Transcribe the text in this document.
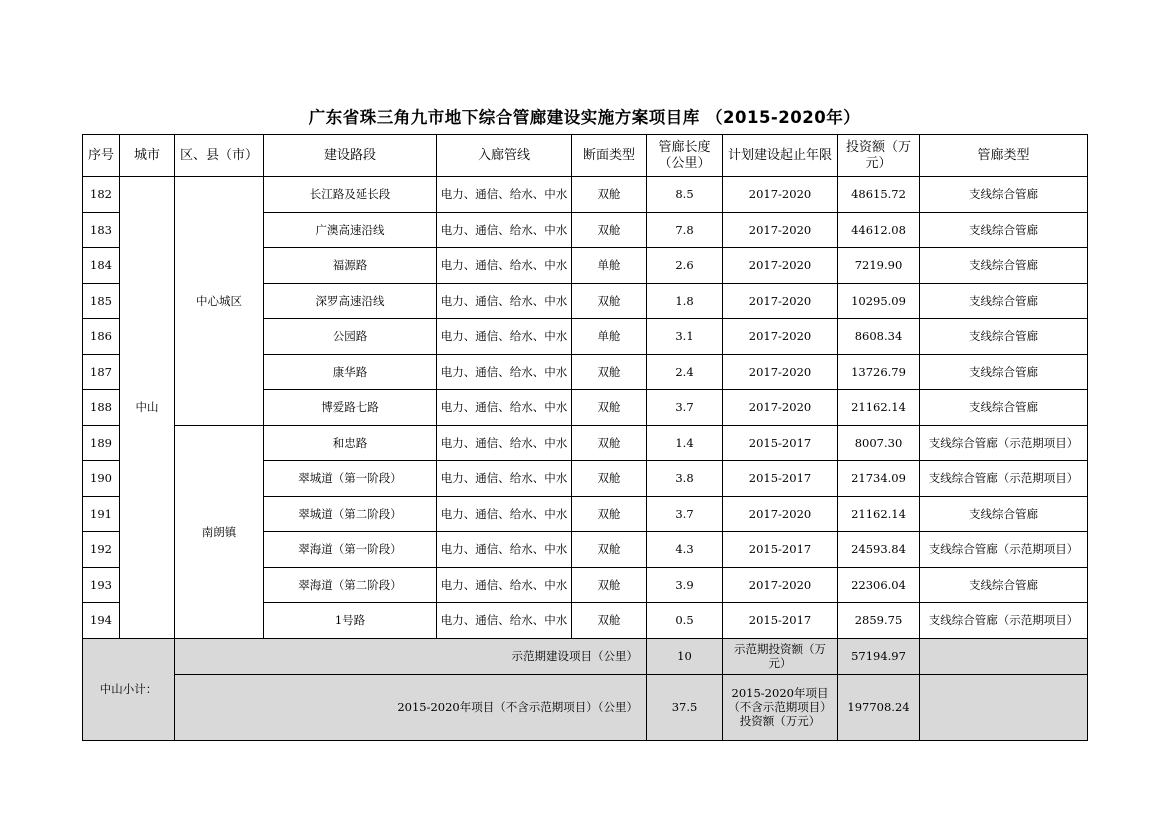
广东省珠三角九市地下综合管廊建设实施方案项目库 （2015-2020年）
序号	城市	区、县（市）	建设路段	入廊管线	断面类型	管廊长度（公里）	计划建设起止年限	投资额（万元）	管廊类型
182	中山	中心城区	长江路及延长段	电力、通信、给水、中水	双舱	8.5	2017-2020	48615.72	支线综合管廊
183			广澳高速沿线	电力、通信、给水、中水	双舱	7.8	2017-2020	44612.08	支线综合管廊
184			福源路	电力、通信、给水、中水	单舱	2.6	2017-2020	7219.90	支线综合管廊
185			深罗高速沿线	电力、通信、给水、中水	双舱	1.8	2017-2020	10295.09	支线综合管廊
186			公园路	电力、通信、给水、中水	单舱	3.1	2017-2020	8608.34	支线综合管廊
187			康华路	电力、通信、给水、中水	双舱	2.4	2017-2020	13726.79	支线综合管廊
188			博爱路七路	电力、通信、给水、中水	双舱	3.7	2017-2020	21162.14	支线综合管廊
189		南朗镇	和忠路	电力、通信、给水、中水	双舱	1.4	2015-2017	8007.30	支线综合管廊（示范期项目）
190			翠城道（第一阶段）	电力、通信、给水、中水	双舱	3.8	2015-2017	21734.09	支线综合管廊（示范期项目）
191			翠城道（第二阶段）	电力、通信、给水、中水	双舱	3.7	2017-2020	21162.14	支线综合管廊
192			翠海道（第一阶段）	电力、通信、给水、中水	双舱	4.3	2015-2017	24593.84	支线综合管廊（示范期项目）
193			翠海道（第二阶段）	电力、通信、给水、中水	双舱	3.9	2017-2020	22306.04	支线综合管廊
194			1号路	电力、通信、给水、中水	双舱	0.5	2015-2017	2859.75	支线综合管廊（示范期项目）
中山小计：		示范期建设项目（公里）				10	示范期投资额（万元）	57194.97	
		2015-2020年项目（不含示范期项目）（公里）				37.5	2015-2020年项目（不含示范期项目）投资额（万元）	197708.24	
